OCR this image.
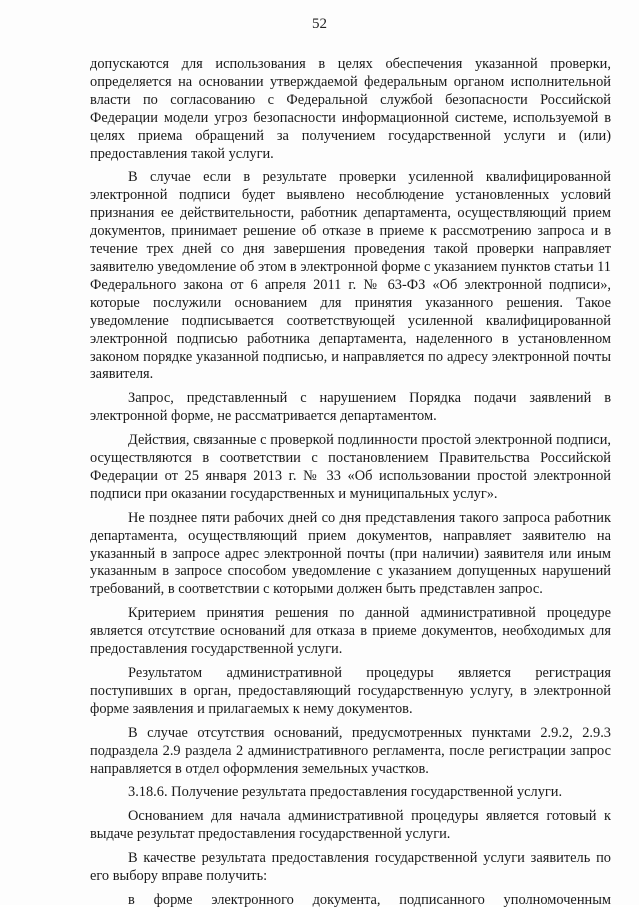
52

допускаются для использования в целях обеспечения указанной проверки, определяется на основании утверждаемой федеральным органом исполнительной власти по согласованию с Федеральной службой безопасности Российской Федерации модели угроз безопасности информационной системе, используемой в целях приема обращений за получением государственной услуги и (или) предоставления такой услуги.

В случае если в результате проверки усиленной квалифицированной электронной подписи будет выявлено несоблюдение установленных условий признания ее действительности, работник департамента, осуществляющий прием документов, принимает решение об отказе в приеме к рассмотрению запроса и в течение трех дней со дня завершения проведения такой проверки направляет заявителю уведомление об этом в электронной форме с указанием пунктов статьи 11 Федерального закона от 6 апреля 2011 г. № 63-ФЗ «Об электронной подписи», которые послужили основанием для принятия указанного решения. Такое уведомление подписывается соответствующей усиленной квалифицированной электронной подписью работника департамента, наделенного в установленном законом порядке указанной подписью, и направляется по адресу электронной почты заявителя.

Запрос, представленный с нарушением Порядка подачи заявлений в электронной форме, не рассматривается департаментом.

Действия, связанные с проверкой подлинности простой электронной подписи, осуществляются в соответствии с постановлением Правительства Российской Федерации от 25 января 2013 г. № 33 «Об использовании простой электронной подписи при оказании государственных и муниципальных услуг».

Не позднее пяти рабочих дней со дня представления такого запроса работник департамента, осуществляющий прием документов, направляет заявителю на указанный в запросе адрес электронной почты (при наличии) заявителя или иным указанным в запросе способом уведомление с указанием допущенных нарушений требований, в соответствии с которыми должен быть представлен запрос.

Критерием принятия решения по данной административной процедуре является отсутствие оснований для отказа в приеме документов, необходимых для предоставления государственной услуги.

Результатом административной процедуры является регистрация поступивших в орган, предоставляющий государственную услугу, в электронной форме заявления и прилагаемых к нему документов.

В случае отсутствия оснований, предусмотренных пунктами 2.9.2, 2.9.3 подраздела 2.9 раздела 2 административного регламента, после регистрации запрос направляется в отдел оформления земельных участков.

3.18.6. Получение результата предоставления государственной услуги.

Основанием для начала административной процедуры является готовый к выдаче результат предоставления государственной услуги.

В качестве результата предоставления государственной услуги заявитель по его выбору вправе получить:

в форме электронного документа, подписанного уполномоченным
